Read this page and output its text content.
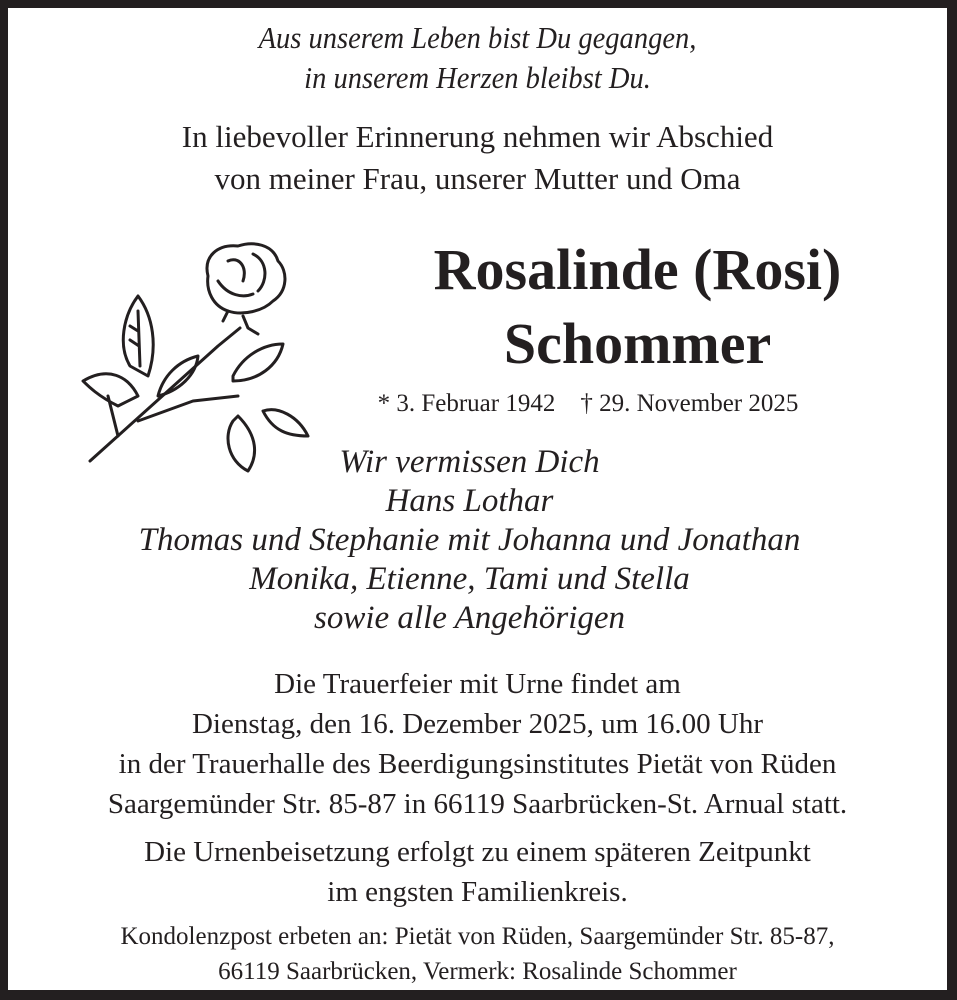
Aus unserem Leben bist Du gegangen,
in unserem Herzen bleibst Du.
In liebevoller Erinnerung nehmen wir Abschied
von meiner Frau, unserer Mutter und Oma
Rosalinde (Rosi)
Schommer
* 3. Februar 1942 † 29. November 2025
Wir vermissen Dich
Hans Lothar
Thomas und Stephanie mit Johanna und Jonathan
Monika, Etienne, Tami und Stella
sowie alle Angehörigen
Die Trauerfeier mit Urne findet am
Dienstag, den 16. Dezember 2025, um 16.00 Uhr
in der Trauerhalle des Beerdigungsinstitutes Pietät von Rüden
Saargemünder Str. 85-87 in 66119 Saarbrücken-St. Arnual statt.
Die Urnenbeisetzung erfolgt zu einem späteren Zeitpunkt
im engsten Familienkreis.
Kondolenzpost erbeten an: Pietät von Rüden, Saargemünder Str. 85-87,
66119 Saarbrücken, Vermerk: Rosalinde Schommer
